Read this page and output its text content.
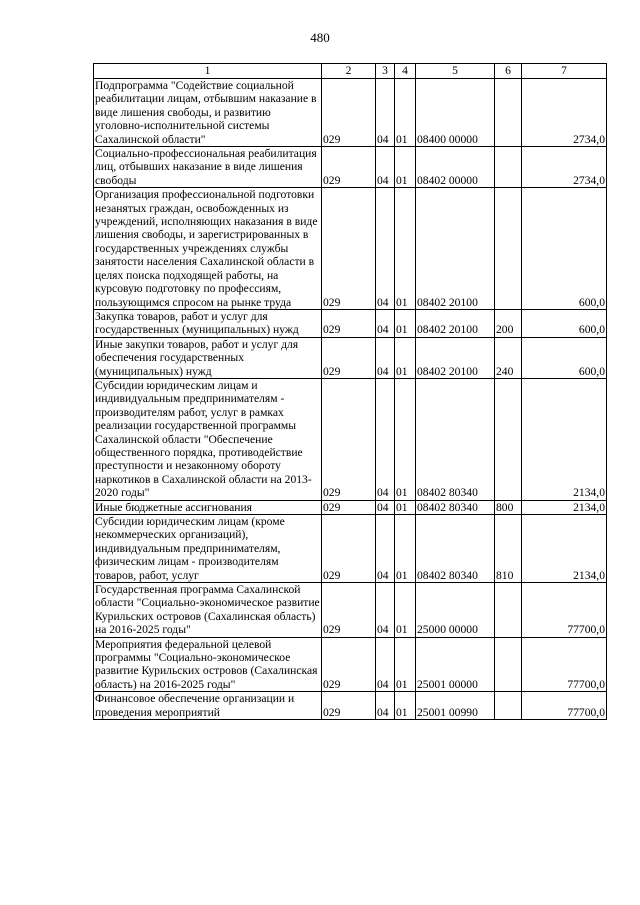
480
1	2	3	4	5	6	7
Подпрограмма "Содействие социальной реабилитации лицам, отбывшим наказание в виде лишения свободы, и развитию уголовно-исполнительной системы Сахалинской области"	029	04	01	08400 00000		2734,0
Социально-профессиональная реабилитация лиц, отбывших наказание в виде лишения свободы	029	04	01	08402 00000		2734,0
Организация профессиональной подготовки незанятых граждан, освобожденных из учреждений, исполняющих наказания в виде лишения свободы, и зарегистрированных в государственных учреждениях службы занятости населения Сахалинской области в целях поиска подходящей работы, на курсовую подготовку по профессиям, пользующимся спросом на рынке труда	029	04	01	08402 20100		600,0
Закупка товаров, работ и услуг для государственных (муниципальных) нужд	029	04	01	08402 20100	200	600,0
Иные закупки товаров, работ и услуг для обеспечения государственных (муниципальных) нужд	029	04	01	08402 20100	240	600,0
Субсидии юридическим лицам и индивидуальным предпринимателям - производителям работ, услуг в рамках реализации государственной программы Сахалинской области "Обеспечение общественного порядка, противодействие преступности и незаконному обороту наркотиков в Сахалинской области на 2013-2020 годы"	029	04	01	08402 80340		2134,0
Иные бюджетные ассигнования	029	04	01	08402 80340	800	2134,0
Субсидии юридическим лицам (кроме некоммерческих организаций), индивидуальным предпринимателям, физическим лицам - производителям товаров, работ, услуг	029	04	01	08402 80340	810	2134,0
Государственная программа Сахалинской области "Социально-экономическое развитие Курильских островов (Сахалинская область) на 2016-2025 годы"	029	04	01	25000 00000		77700,0
Мероприятия федеральной целевой программы "Социально-экономическое развитие Курильских островов (Сахалинская область) на 2016-2025 годы"	029	04	01	25001 00000		77700,0
Финансовое обеспечение организации и проведения мероприятий	029	04	01	25001 00990		77700,0
